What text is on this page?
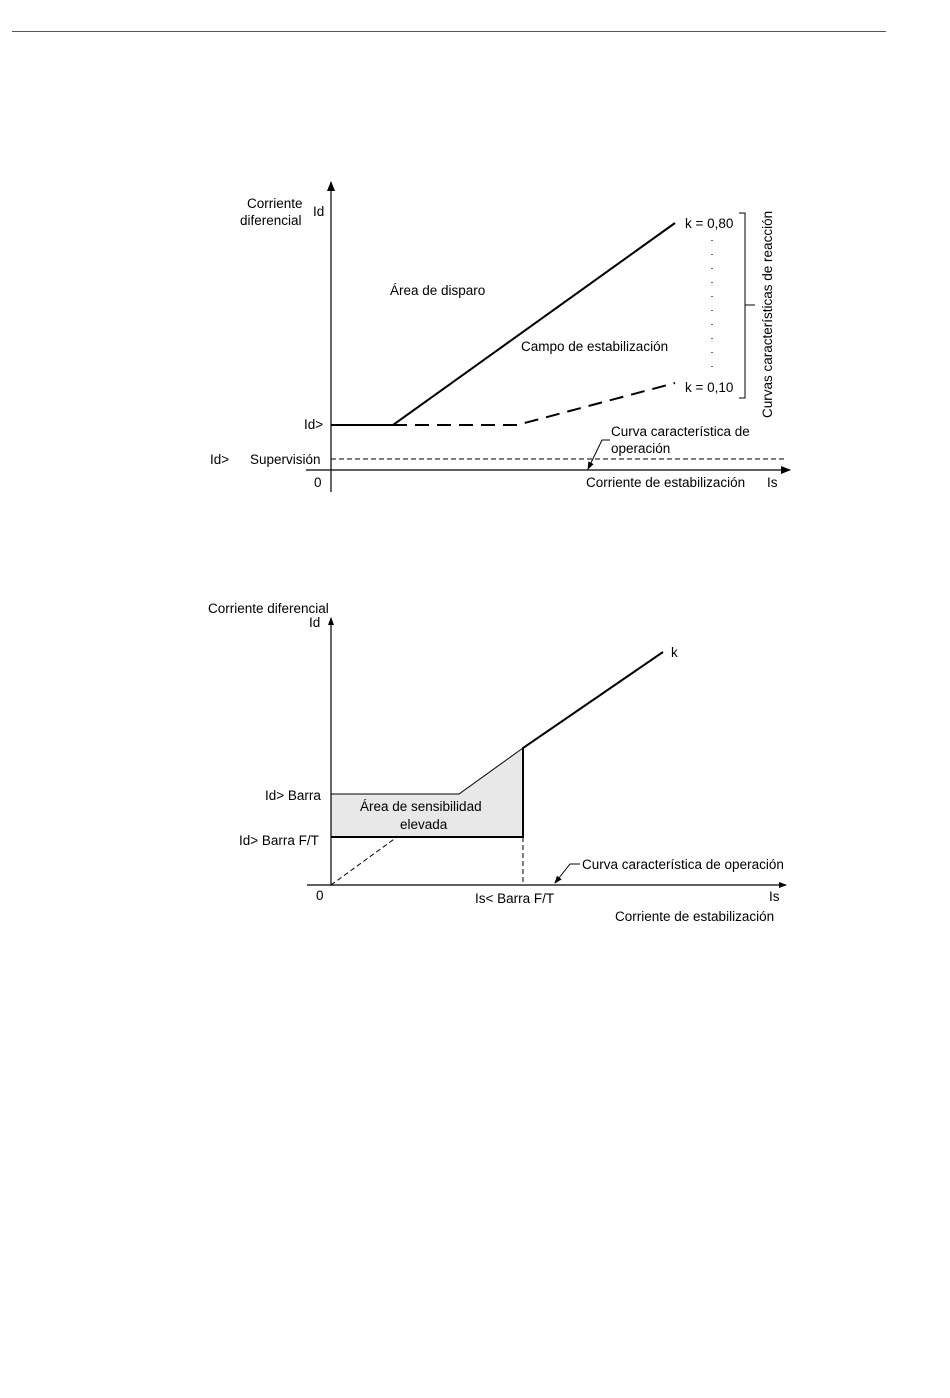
Corriente
diferencial
Id
Área de disparo
Campo de estabilización
k = 0,80
k = 0,10 Curvas características de reacción
Id>
Id> Supervisión
Curva característica de
operación
0	Corriente de estabilización Is
Corriente diferencial
Id
k
Id> Barra
Id> Barra F/T
Área de sensibilidad
elevada
Curva característica de operación
0	Is< Barra F/T	Is
Corriente de estabilización
